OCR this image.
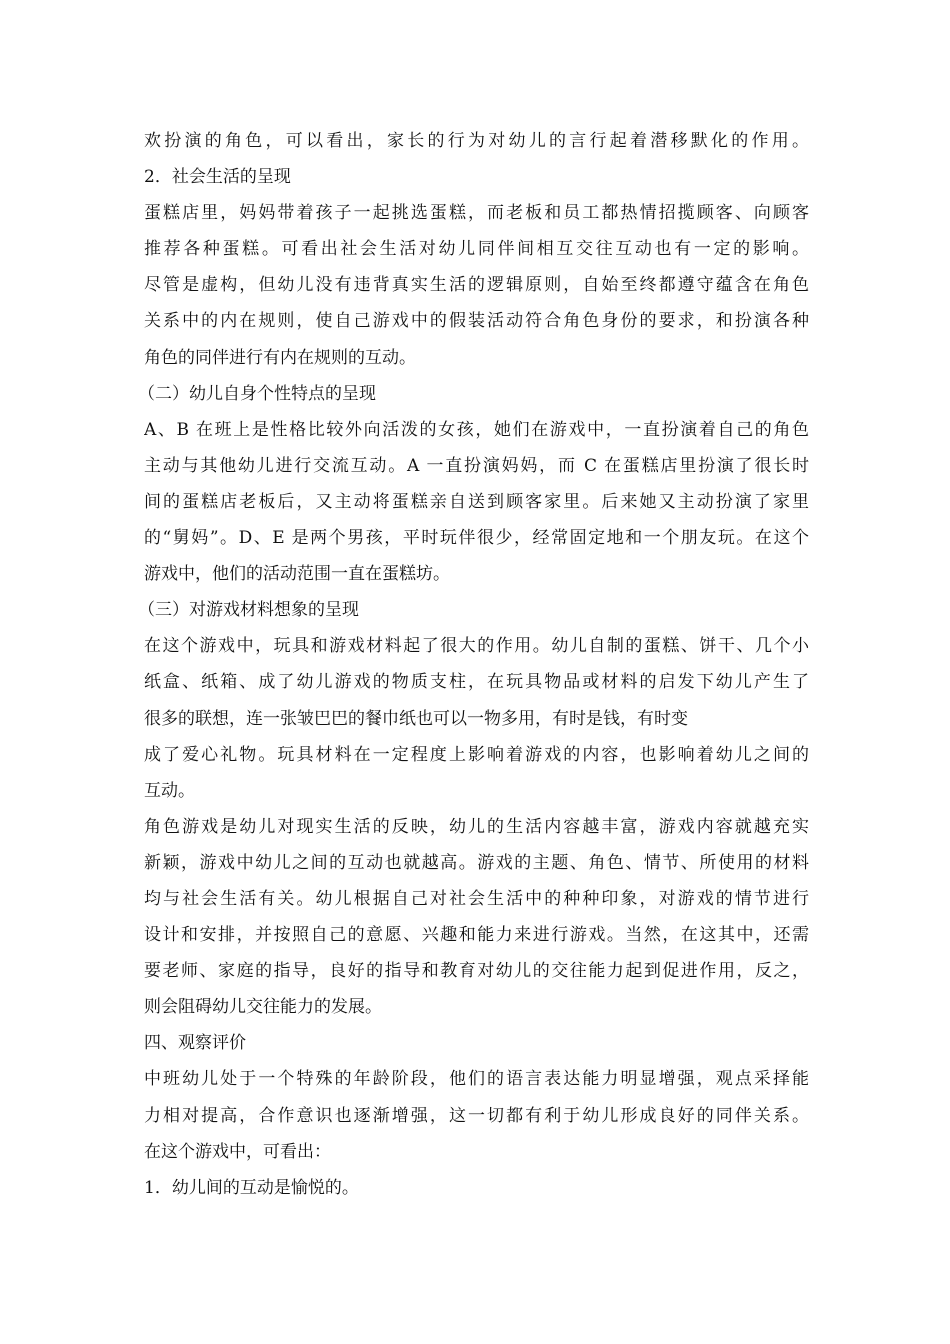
欢扮演的角色，可以看出，家长的行为对幼儿的言行起着潜移默化的作用。
2．社会生活的呈现
蛋糕店里，妈妈带着孩子一起挑选蛋糕，而老板和员工都热情招揽顾客、向顾客
推荐各种蛋糕。可看出社会生活对幼儿同伴间相互交往互动也有一定的影响。
尽管是虚构，但幼儿没有违背真实生活的逻辑原则，自始至终都遵守蕴含在角色
关系中的内在规则，使自己游戏中的假装活动符合角色身份的要求，和扮演各种
角色的同伴进行有内在规则的互动。
（二）幼儿自身个性特点的呈现
A、B 在班上是性格比较外向活泼的女孩，她们在游戏中，一直扮演着自己的角色
主动与其他幼儿进行交流互动。A 一直扮演妈妈，而 C 在蛋糕店里扮演了很长时
间的蛋糕店老板后，又主动将蛋糕亲自送到顾客家里。后来她又主动扮演了家里
的“舅妈”。D、E 是两个男孩，平时玩伴很少，经常固定地和一个朋友玩。在这个
游戏中，他们的活动范围一直在蛋糕坊。
（三）对游戏材料想象的呈现
在这个游戏中，玩具和游戏材料起了很大的作用。幼儿自制的蛋糕、饼干、几个小
纸盒、纸箱、成了幼儿游戏的物质支柱，在玩具物品或材料的启发下幼儿产生了
很多的联想，连一张皱巴巴的餐巾纸也可以一物多用，有时是钱，有时变
成了爱心礼物。玩具材料在一定程度上影响着游戏的内容，也影响着幼儿之间的
互动。
角色游戏是幼儿对现实生活的反映，幼儿的生活内容越丰富，游戏内容就越充实
新颖，游戏中幼儿之间的互动也就越高。游戏的主题、角色、情节、所使用的材料
均与社会生活有关。幼儿根据自己对社会生活中的种种印象，对游戏的情节进行
设计和安排，并按照自己的意愿、兴趣和能力来进行游戏。当然，在这其中，还需
要老师、家庭的指导，良好的指导和教育对幼儿的交往能力起到促进作用，反之，
则会阻碍幼儿交往能力的发展。
四、观察评价
中班幼儿处于一个特殊的年龄阶段，他们的语言表达能力明显增强，观点采择能
力相对提高，合作意识也逐渐增强，这一切都有利于幼儿形成良好的同伴关系。
在这个游戏中，可看出：
1．幼儿间的互动是愉悦的。
